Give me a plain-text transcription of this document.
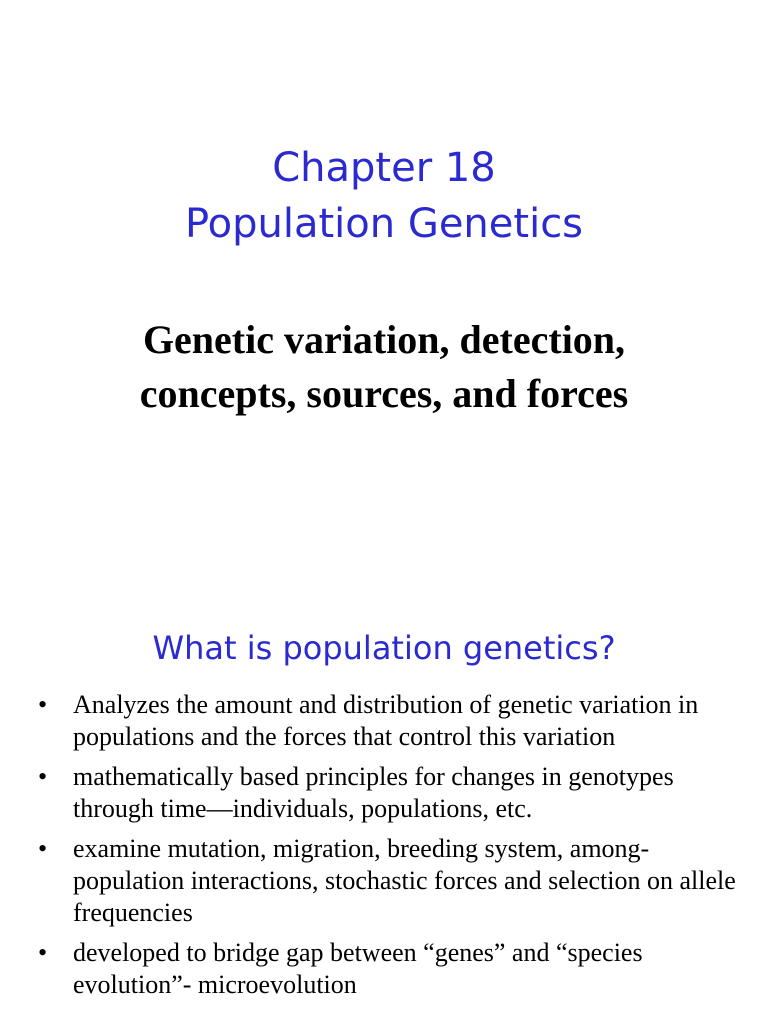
Chapter 18
Population Genetics
Genetic variation, detection,
concepts, sources, and forces
What is population genetics?
• Analyzes the amount and distribution of genetic variation in populations and the forces that control this variation
• mathematically based principles for changes in genotypes through time—individuals, populations, etc.
• examine mutation, migration, breeding system, among-population interactions, stochastic forces and selection on allele frequencies
• developed to bridge gap between “genes” and “species evolution”- microevolution
